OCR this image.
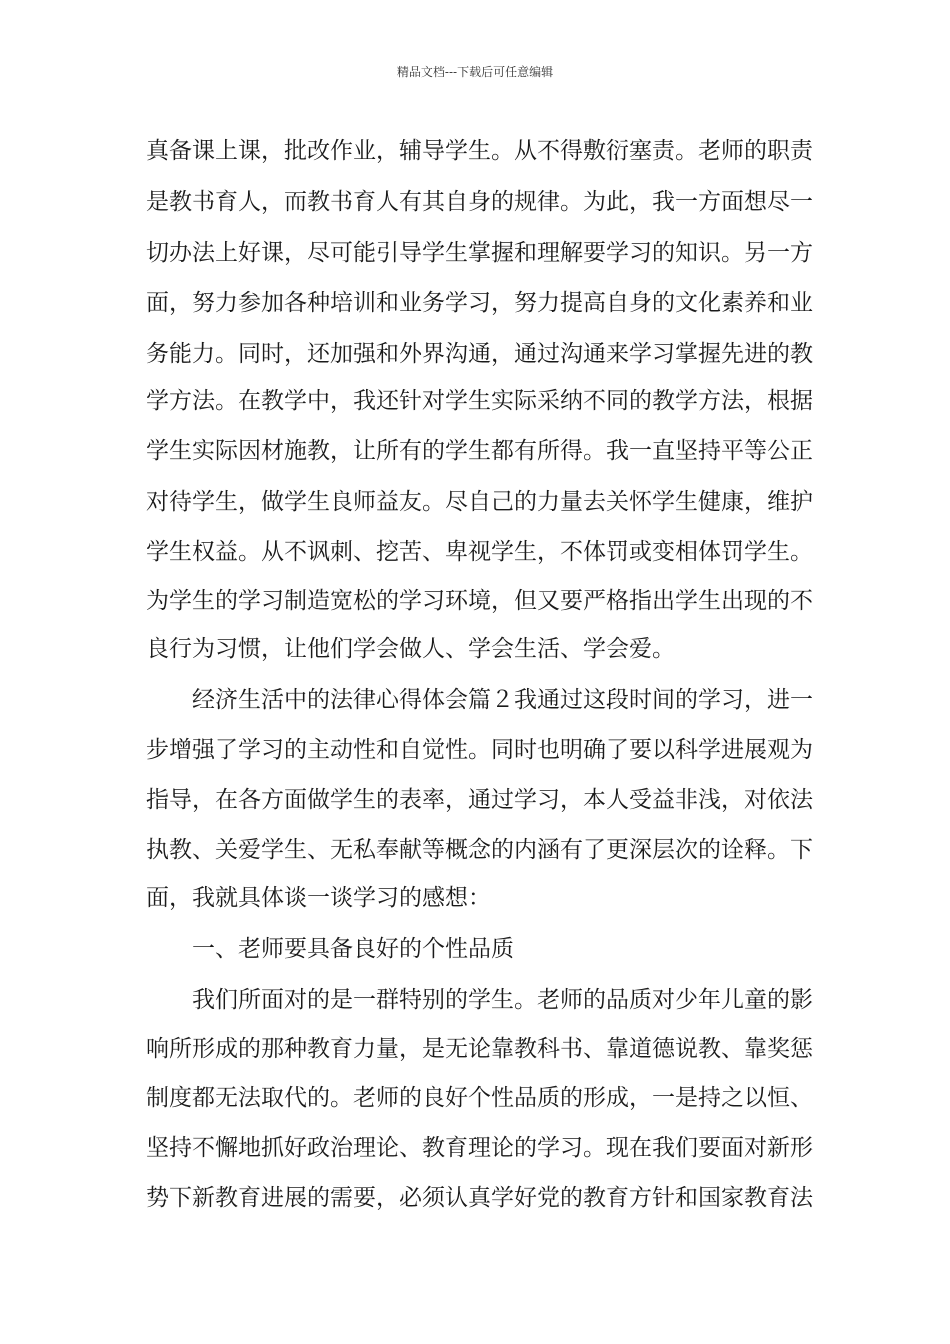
精品文档---下载后可任意编辑
真备课上课，批改作业，辅导学生。从不得敷衍塞责。老师的职责
是教书育人，而教书育人有其自身的规律。为此，我一方面想尽一
切办法上好课，尽可能引导学生掌握和理解要学习的知识。另一方
面，努力参加各种培训和业务学习，努力提高自身的文化素养和业
务能力。同时，还加强和外界沟通，通过沟通来学习掌握先进的教
学方法。在教学中，我还针对学生实际采纳不同的教学方法，根据
学生实际因材施教，让所有的学生都有所得。我一直坚持平等公正
对待学生，做学生良师益友。尽自己的力量去关怀学生健康，维护
学生权益。从不讽刺、挖苦、卑视学生，不体罚或变相体罚学生。
为学生的学习制造宽松的学习环境，但又要严格指出学生出现的不
良行为习惯，让他们学会做人、学会生活、学会爱。
经济生活中的法律心得体会篇２我通过这段时间的学习，进一
步增强了学习的主动性和自觉性。同时也明确了要以科学进展观为
指导，在各方面做学生的表率，通过学习，本人受益非浅，对依法
执教、关爱学生、无私奉献等概念的内涵有了更深层次的诠释。下
面，我就具体谈一谈学习的感想：
一、老师要具备良好的个性品质
我们所面对的是一群特别的学生。老师的品质对少年儿童的影
响所形成的那种教育力量，是无论靠教科书、靠道德说教、靠奖惩
制度都无法取代的。老师的良好个性品质的形成，一是持之以恒、
坚持不懈地抓好政治理论、教育理论的学习。现在我们要面对新形
势下新教育进展的需要，必须认真学好党的教育方针和国家教育法
